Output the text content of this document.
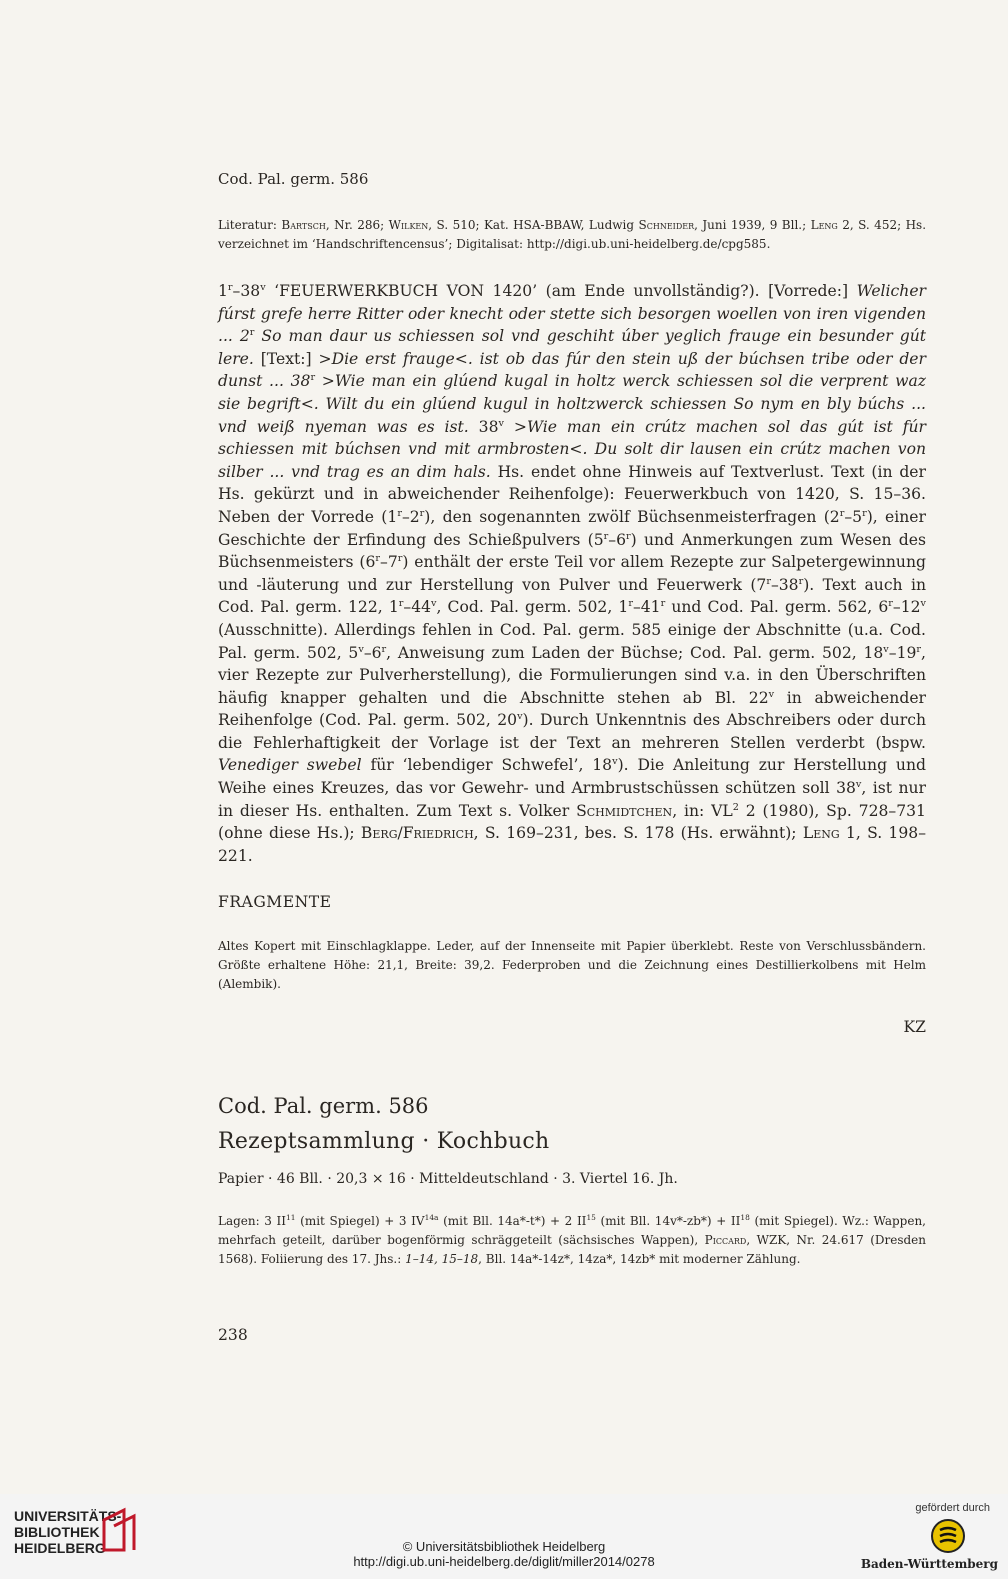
Cod. Pal. germ. 586
Literatur: Bartsch, Nr. 286; Wilken, S. 510; Kat. HSA-BBAW, Ludwig Schneider, Juni 1939, 9 Bll.; Leng 2, S. 452; Hs. verzeichnet im ‘Handschriftencensus’; Digitalisat: http://digi.ub.uni-heidelberg.de/cpg585.
1$^r$–38$^v$ ‘FEUERWERKBUCH VON 1420’ (am Ende unvollständig?). [Vorrede:] Welicher fúrst grefe herre Ritter oder knecht oder stette sich besorgen woellen von iren vigenden ... 2$^r$ So man daur us schiessen sol vnd geschiht úber yeglich frauge ein besunder gút lere. [Text:] >Die erst frauge<. ist ob das fúr den stein uß der búchsen tribe oder der dunst ... $38^r >Wie$ man ein glúend kugal in holtz werck schiessen sol die verprent waz sie begrift<. Wilt du ein glúend kugul in holtzwerck schiessen So nym en bly búchs ... vnd weiß nyeman was es ist. $38^v >Wie$ man ein crútz machen sol das gút ist fúr schiessen mit búchsen vnd mit armbrosten<. Du solt dir lausen ein crútz machen von silber ... vnd trag es an dim hals. Hs. endet ohne Hinweis auf Textverlust. Text (in der Hs. gekürzt und in abweichender Reihenfolge): Feuerwerkbuch von 1420, S. 15–36. Neben der Vorrede (1$^r$–2$^r$), den sogenannten zwölf Büchsenmeisterfragen (2$^r$–5$^r$), einer Geschichte der Erfindung des Schießpulvers (5$^r$–6$^r$) und Anmerkungen zum Wesen des Büchsenmeisters (6$^r$–7$^r$) enthält der erste Teil vor allem Rezepte zur Salpetergewinnung und -läuterung und zur Herstellung von Pulver und Feuerwerk (7$^r$–38$^r$). Text auch in Cod. Pal. germ. 122, 1$^r$–44$^v$, Cod. Pal. germ. 502, 1$^r$–41$^r$ und Cod. Pal. germ. 562, 6$^r$–12$^v$ (Ausschnitte). Allerdings fehlen in Cod. Pal. germ. 585 einige der Abschnitte (u.a. Cod. Pal. germ. 502, 5$^v$–6$^r$, Anweisung zum Laden der Büchse; Cod. Pal. germ. 502, 18$^v$–19$^r$, vier Rezepte zur Pulverherstellung), die Formulierungen sind v.a. in den Überschriften häufig knapper gehalten und die Abschnitte stehen ab Bl. 22$^v$ in abweichender Reihenfolge (Cod. Pal. germ. 502, 20$^v$). Durch Unkenntnis des Abschreibers oder durch die Fehlerhaftigkeit der Vorlage ist der Text an mehreren Stellen verderbt (bspw. Venediger swebel für ‘lebendiger Schwefel’, 18$^v$). Die Anleitung zur Herstellung und Weihe eines Kreuzes, das vor Gewehr- und Armbrustschüssen schützen soll 38$^v$, ist nur in dieser Hs. enthalten. Zum Text s. Volker Schmidtchen, in: $VL^2$ 2 (1980), Sp. 728–731 (ohne diese Hs.); Berg/Friedrich, S. 169–231, bes. S. 178 (Hs. erwähnt); Leng 1, S. 198–221.
FRAGMENTE
Altes Kopert mit Einschlagklappe. Leder, auf der Innenseite mit Papier überklebt. Reste von Verschlussbändern. Größte erhaltene Höhe: 21,1, Breite: 39,2. Federproben und die Zeichnung eines Destillierkolbens mit Helm (Alembik).
KZ
Cod. Pal. germ. 586
Rezeptsammlung · Kochbuch
Papier · 46 Bll. · 20,3 × 16 · Mitteldeutschland · 3. Viertel 16. Jh.
Lagen: 3 II$^{11}$ (mit Spiegel) + 3 $IV^{14a}$ (mit Bll. 14a*-t*) + 2 II$^{15}$ (mit Bll. $14v*-zb*) + II^{18}$ (mit Spiegel). Wz.: Wappen, mehrfach geteilt, darüber bogenförmig schräggeteilt (sächsisches Wappen), Piccard, WZK, Nr. 24.617 (Dresden 1568). Foliierung des 17. Jhs.: 1–14, 15–18, Bll. 14a*-14z*, 14za*, 14zb* mit moderner Zählung.
238
UNIVERSITÄTS-
BIBLIOTHEK
HEIDELBERG	© Universitätsbibliothek Heidelberg
http://digi.ub.uni-heidelberg.de/diglit/miller2014/0278
gefördert durch
Baden-Württemberg
